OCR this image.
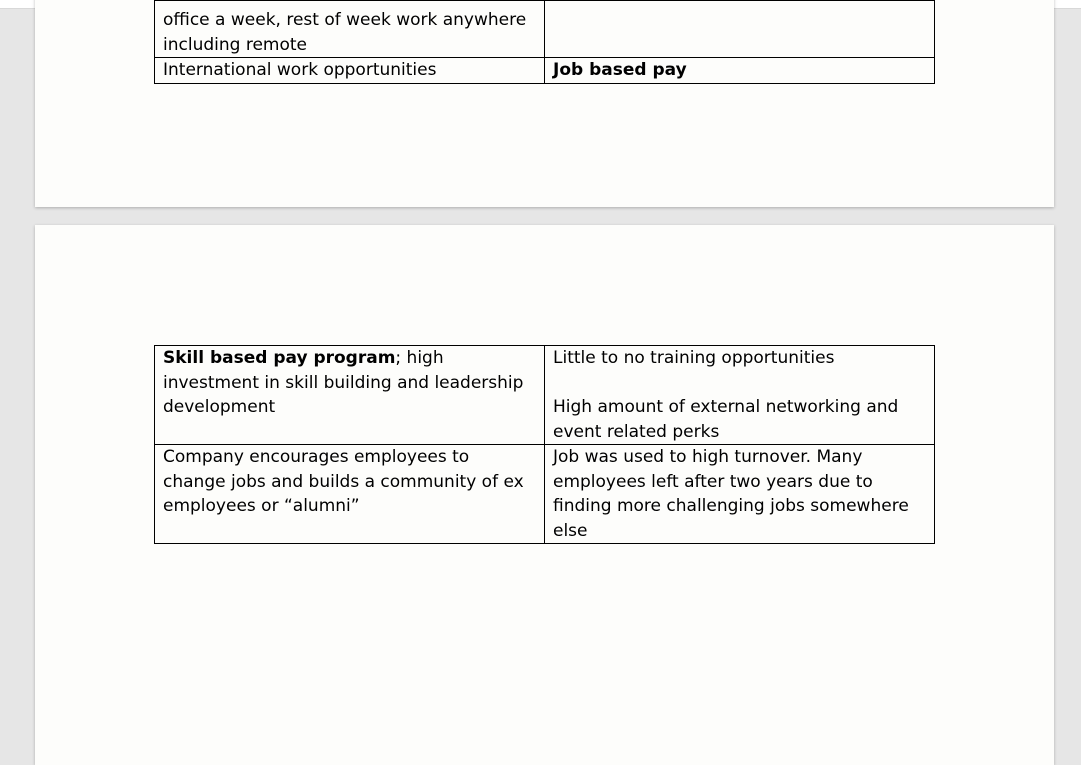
office a week, rest of week work anywhere
including remote	

International work opportunities	Job based pay
Skill based pay program; high investment in skill building and leadership development	Little to no training opportunities
High amount of external networking and event related perks

Company encourages employees to change jobs and builds a community of ex employees or “alumni”	Job was used to high turnover. Many employees left after two years due to finding more challenging jobs somewhere else
